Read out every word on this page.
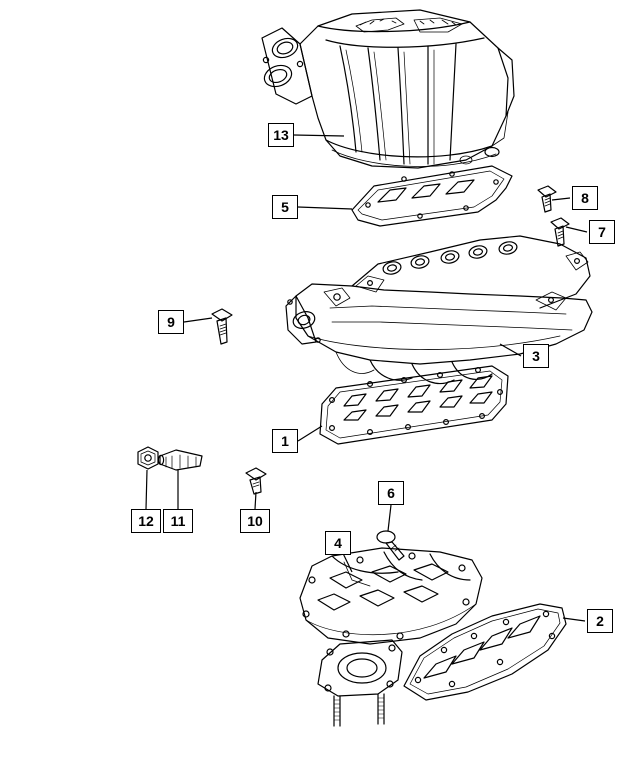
13
5
8
7
9
3
1
12 11	10
6
4
2
